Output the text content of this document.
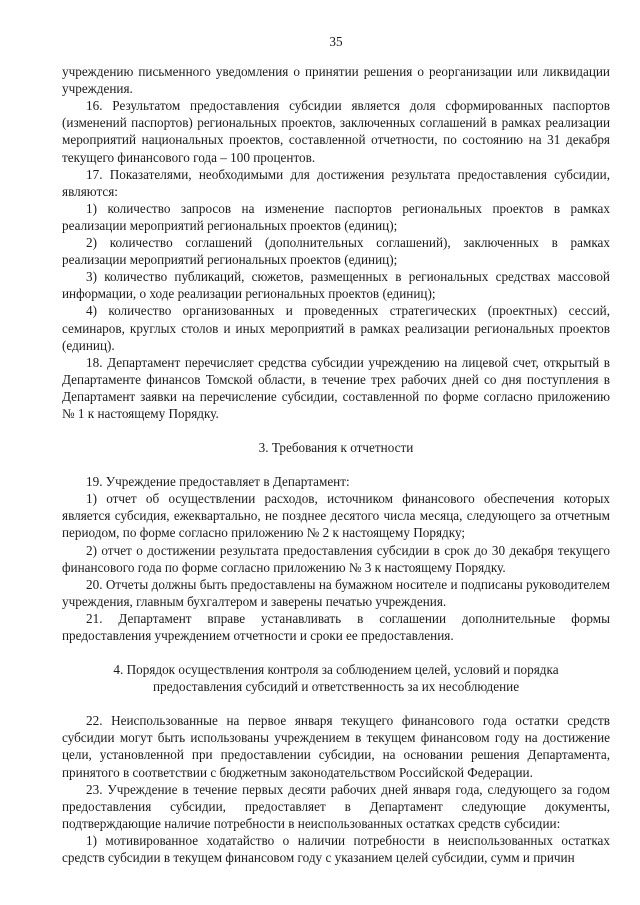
35

учреждению письменного уведомления о принятии решения о реорганизации или ликвидации учреждения.

16. Результатом предоставления субсидии является доля сформированных паспортов (изменений паспортов) региональных проектов, заключенных соглашений в рамках реализации мероприятий национальных проектов, составленной отчетности, по состоянию на 31 декабря текущего финансового года – 100 процентов.

17. Показателями, необходимыми для достижения результата предоставления субсидии, являются:

1) количество запросов на изменение паспортов региональных проектов в рамках реализации мероприятий региональных проектов (единиц);

2) количество соглашений (дополнительных соглашений), заключенных в рамках реализации мероприятий региональных проектов (единиц);

3) количество публикаций, сюжетов, размещенных в региональных средствах массовой информации, о ходе реализации региональных проектов (единиц);

4) количество организованных и проведенных стратегических (проектных) сессий, семинаров, круглых столов и иных мероприятий в рамках реализации региональных проектов (единиц).

18. Департамент перечисляет средства субсидии учреждению на лицевой счет, открытый в Департаменте финансов Томской области, в течение трех рабочих дней со дня поступления в Департамент заявки на перечисление субсидии, составленной по форме согласно приложению № 1 к настоящему Порядку.

3. Требования к отчетности

19. Учреждение предоставляет в Департамент:

1) отчет об осуществлении расходов, источником финансового обеспечения которых является субсидия, ежеквартально, не позднее десятого числа месяца, следующего за отчетным периодом, по форме согласно приложению № 2 к настоящему Порядку;

2) отчет о достижении результата предоставления субсидии в срок до 30 декабря текущего финансового года по форме согласно приложению № 3 к настоящему Порядку.

20. Отчеты должны быть предоставлены на бумажном носителе и подписаны руководителем учреждения, главным бухгалтером и заверены печатью учреждения.

21. Департамент вправе устанавливать в соглашении дополнительные формы предоставления учреждением отчетности и сроки ее предоставления.

4. Порядок осуществления контроля за соблюдением целей, условий и порядка

предоставления субсидий и ответственность за их несоблюдение

22. Неиспользованные на первое января текущего финансового года остатки средств субсидии могут быть использованы учреждением в текущем финансовом году на достижение цели, установленной при предоставлении субсидии, на основании решения Департамента, принятого в соответствии с бюджетным законодательством Российской Федерации.

23. Учреждение в течение первых десяти рабочих дней января года, следующего за годом предоставления субсидии, предоставляет в Департамент следующие документы, подтверждающие наличие потребности в неиспользованных остатках средств субсидии:

1) мотивированное ходатайство о наличии потребности в неиспользованных остатках средств субсидии в текущем финансовом году с указанием целей субсидии, сумм и причин
